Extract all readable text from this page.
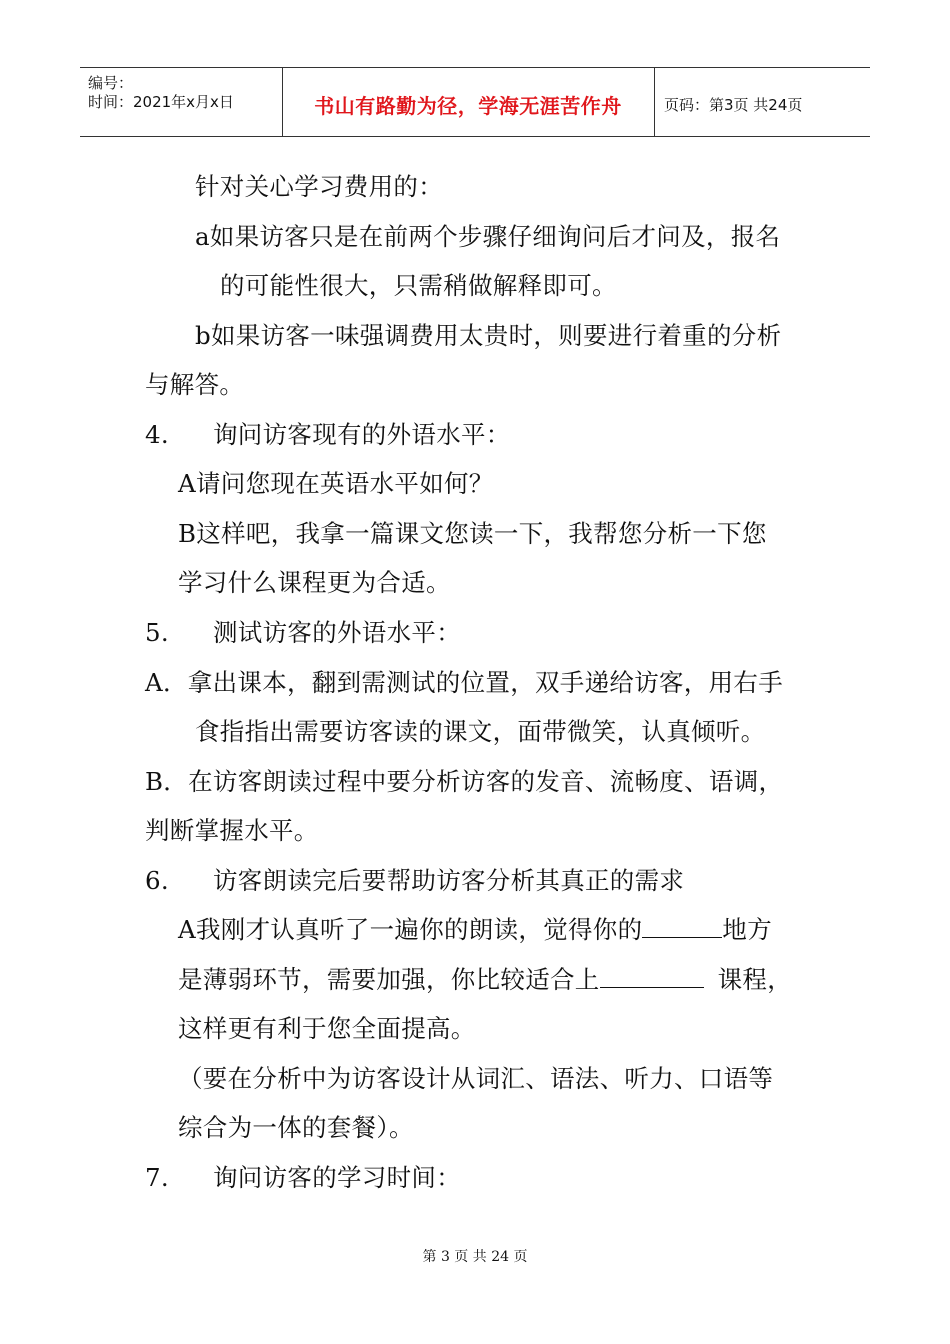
编号：
时间：2021年x月x日	书山有路勤为径，学海无涯苦作舟	页码：第3页 共24页
针对关心学习费用的：
a如果访客只是在前两个步骤仔细询问后才问及，报名
的可能性很大，只需稍做解释即可。
b如果访客一味强调费用太贵时，则要进行着重的分析
与解答。
4. 询问访客现有的外语水平：
A请问您现在英语水平如何？
B这样吧，我拿一篇课文您读一下，我帮您分析一下您
学习什么课程更为合适。
5. 测试访客的外语水平：
A．拿出课本，翻到需测试的位置，双手递给访客，用右手
食指指出需要访客读的课文，面带微笑，认真倾听。
B．在访客朗读过程中要分析访客的发音、流畅度、语调，
判断掌握水平。
6. 访客朗读完后要帮助访客分析其真正的需求
A我刚才认真听了一遍你的朗读，觉得你的	地方
是薄弱环节，需要加强，你比较适合上	课程，
这样更有利于您全面提高。
（要在分析中为访客设计从词汇、语法、听力、口语等
综合为一体的套餐）。
7. 询问访客的学习时间：
第 3 页 共 24 页
